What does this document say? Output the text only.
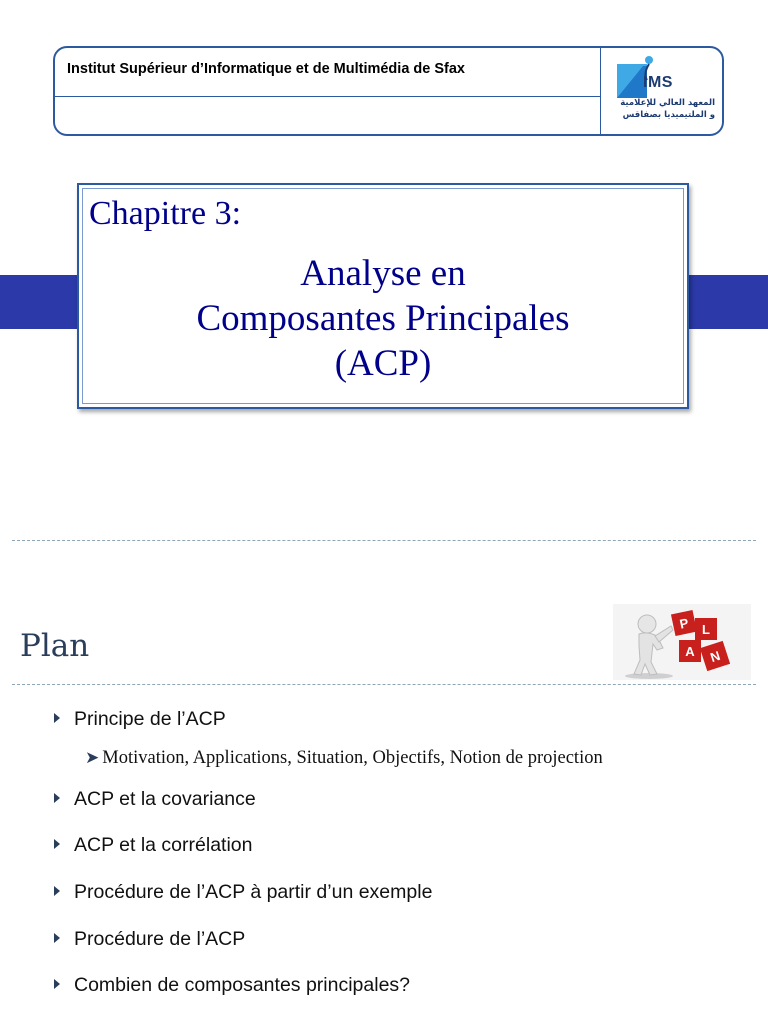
Institut Supérieur d’Informatique et de Multimédia de Sfax
IMS
المعهد العالي للإعلامية
و الملتيميديا بصفاقس
Chapitre 3:
Analyse en
Composantes Principales
(ACP)
Plan
P L
A N
Principe de l’ACP
➤ Motivation, Applications, Situation, Objectifs, Notion de projection
ACP et la covariance
ACP et la corrélation
Procédure de l’ACP à partir d’un exemple
Procédure de l’ACP
Combien de composantes principales?
